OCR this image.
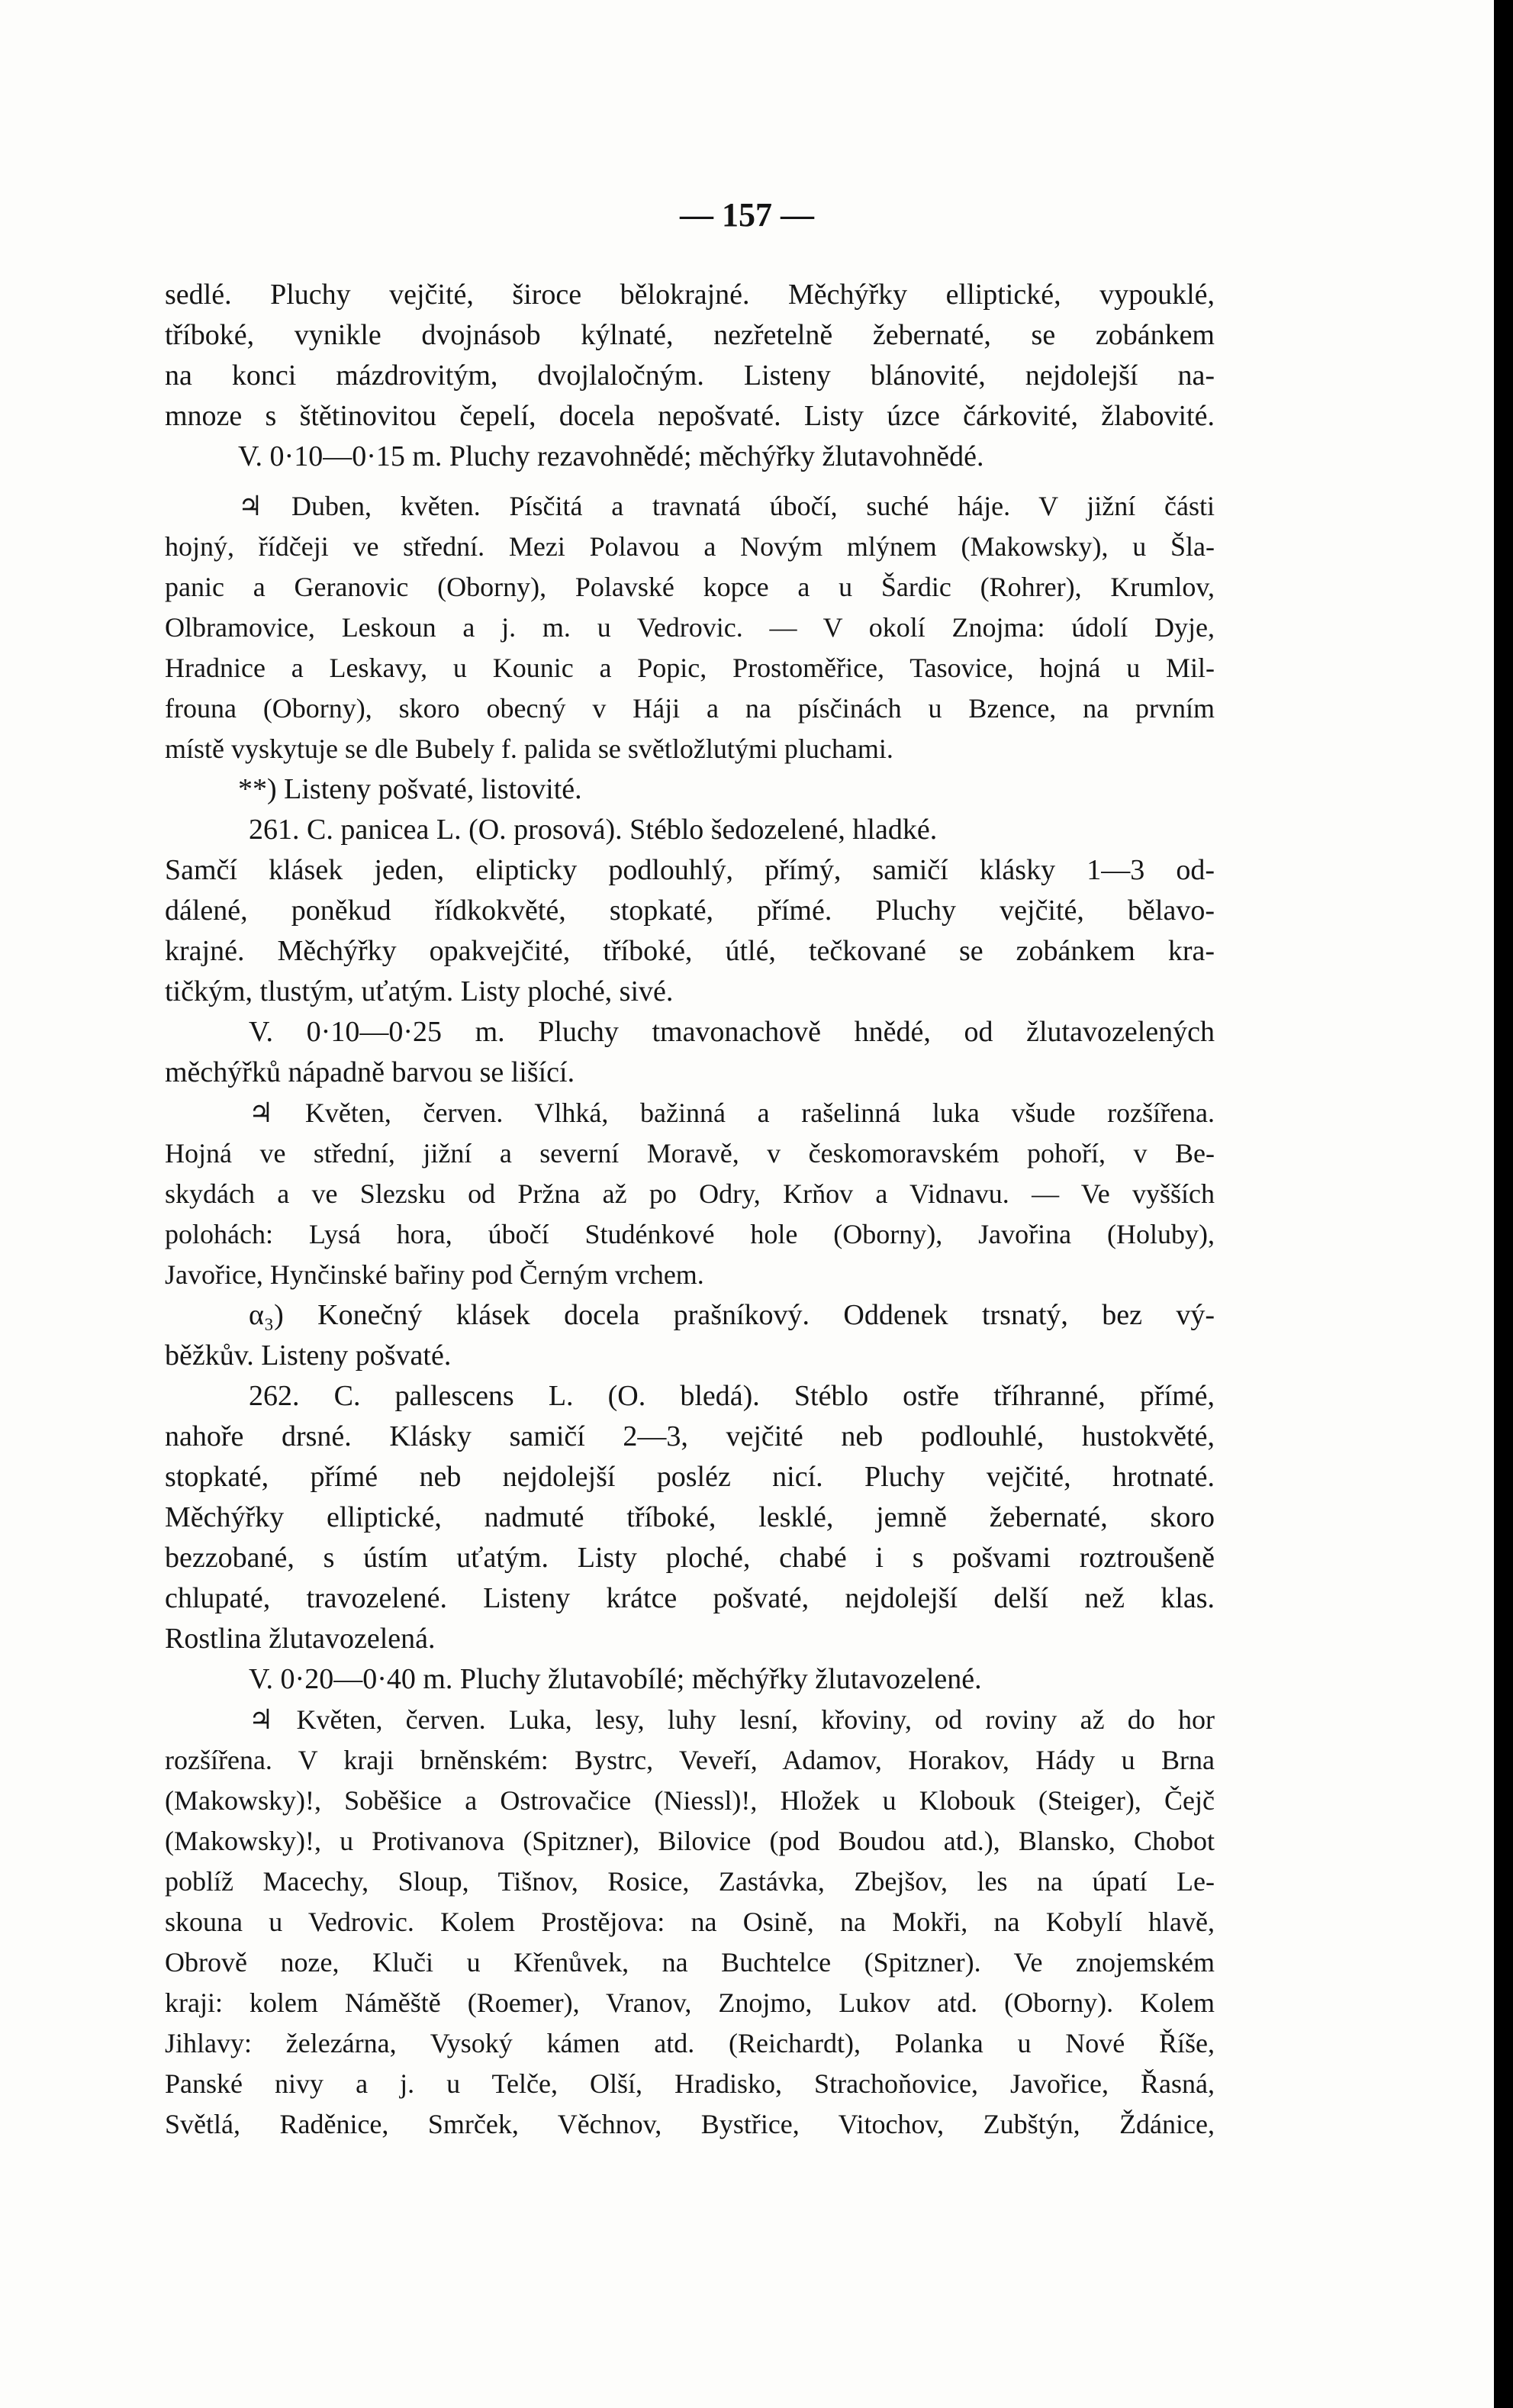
— 157 —
sedlé. Pluchy vejčité, široce bělokrajné. Měchýřky elliptické, vypouklé,
tříboké, vynikle dvojnásob kýlnaté, nezřetelně žebernaté, se zobánkem
na konci mázdrovitým, dvojlaločným. Listeny blánovité, nejdolejší na-
mnoze s štětinovitou čepelí, docela nepošvaté. Listy úzce čárkovité, žlabovité.
V. 0·10—0·15 m. Pluchy rezavohnědé; měchýřky žlutavohnědé.
♃ Duben, květen. Písčitá a travnatá úbočí, suché háje. V jižní části
hojný, řídčeji ve střední. Mezi Polavou a Novým mlýnem (Makowsky), u Šla-
panic a Geranovic (Oborny), Polavské kopce a u Šardic (Rohrer), Krumlov,
Olbramovice, Leskoun a j. m. u Vedrovic. — V okolí Znojma: údolí Dyje,
Hradnice a Leskavy, u Kounic a Popic, Prostoměřice, Tasovice, hojná u Mil-
frouna (Oborny), skoro obecný v Háji a na písčinách u Bzence, na prvním
místě vyskytuje se dle Bubely f. palida se světložlutými pluchami.
**) Listeny pošvaté, listovité.
261. C. panicea L. (O. prosová). Stéblo šedozelené, hladké.
Samčí klásek jeden, elipticky podlouhlý, přímý, samičí klásky 1—3 od-
dálené, poněkud řídkokvěté, stopkaté, přímé. Pluchy vejčité, bělavo-
krajné. Měchýřky opakvejčité, tříboké, útlé, tečkované se zobánkem kra-
tičkým, tlustým, uťatým. Listy ploché, sivé.
V. 0·10—0·25 m. Pluchy tmavonachově hnědé, od žlutavozelených
měchýřků nápadně barvou se lišící.
♃ Květen, červen. Vlhká, bažinná a rašelinná luka všude rozšířena.
Hojná ve střední, jižní a severní Moravě, v českomoravském pohoří, v Be-
skydách a ve Slezsku od Pržna až po Odry, Krňov a Vidnavu. — Ve vyšších
polohách: Lysá hora, úbočí Studénkové hole (Oborny), Javořina (Holuby),
Javořice, Hynčinské bařiny pod Černým vrchem.
α₃) Konečný klásek docela prašníkový. Oddenek trsnatý, bez vý-
běžkův. Listeny pošvaté.
262. C. pallescens L. (O. bledá). Stéblo ostře tříhranné, přímé,
nahoře drsné. Klásky samičí 2—3, vejčité neb podlouhlé, hustokvěté,
stopkaté, přímé neb nejdolejší posléz nicí. Pluchy vejčité, hrotnaté.
Měchýřky elliptické, nadmuté tříboké, lesklé, jemně žebernaté, skoro
bezzobané, s ústím uťatým. Listy ploché, chabé i s pošvami roztroušeně
chlupaté, travozelené. Listeny krátce pošvaté, nejdolejší delší než klas.
Rostlina žlutavozelená.
V. 0·20—0·40 m. Pluchy žlutavobílé; měchýřky žlutavozelené.
♃ Květen, červen. Luka, lesy, luhy lesní, křoviny, od roviny až do hor
rozšířena. V kraji brněnském: Bystrc, Veveří, Adamov, Horakov, Hády u Brna
(Makowsky)!, Soběšice a Ostrovačice (Niessl)!, Hložek u Klobouk (Steiger), Čejč
(Makowsky)!, u Protivanova (Spitzner), Bilovice (pod Boudou atd.), Blansko, Chobot
poblíž Macechy, Sloup, Tišnov, Rosice, Zastávka, Zbejšov, les na úpatí Le-
skouna u Vedrovic. Kolem Prostějova: na Osině, na Mokři, na Kobylí hlavě,
Obrově noze, Kluči u Křenůvek, na Buchtelce (Spitzner). Ve znojemském
kraji: kolem Náměště (Roemer), Vranov, Znojmo, Lukov atd. (Oborny). Kolem
Jihlavy: železárna, Vysoký kámen atd. (Reichardt), Polanka u Nové Říše,
Panské nivy a j. u Telče, Olší, Hradisko, Strachoňovice, Javořice, Řasná,
Světlá, Raděnice, Smrček, Věchnov, Bystřice, Vitochov, Zubštýn, Ždánice,
